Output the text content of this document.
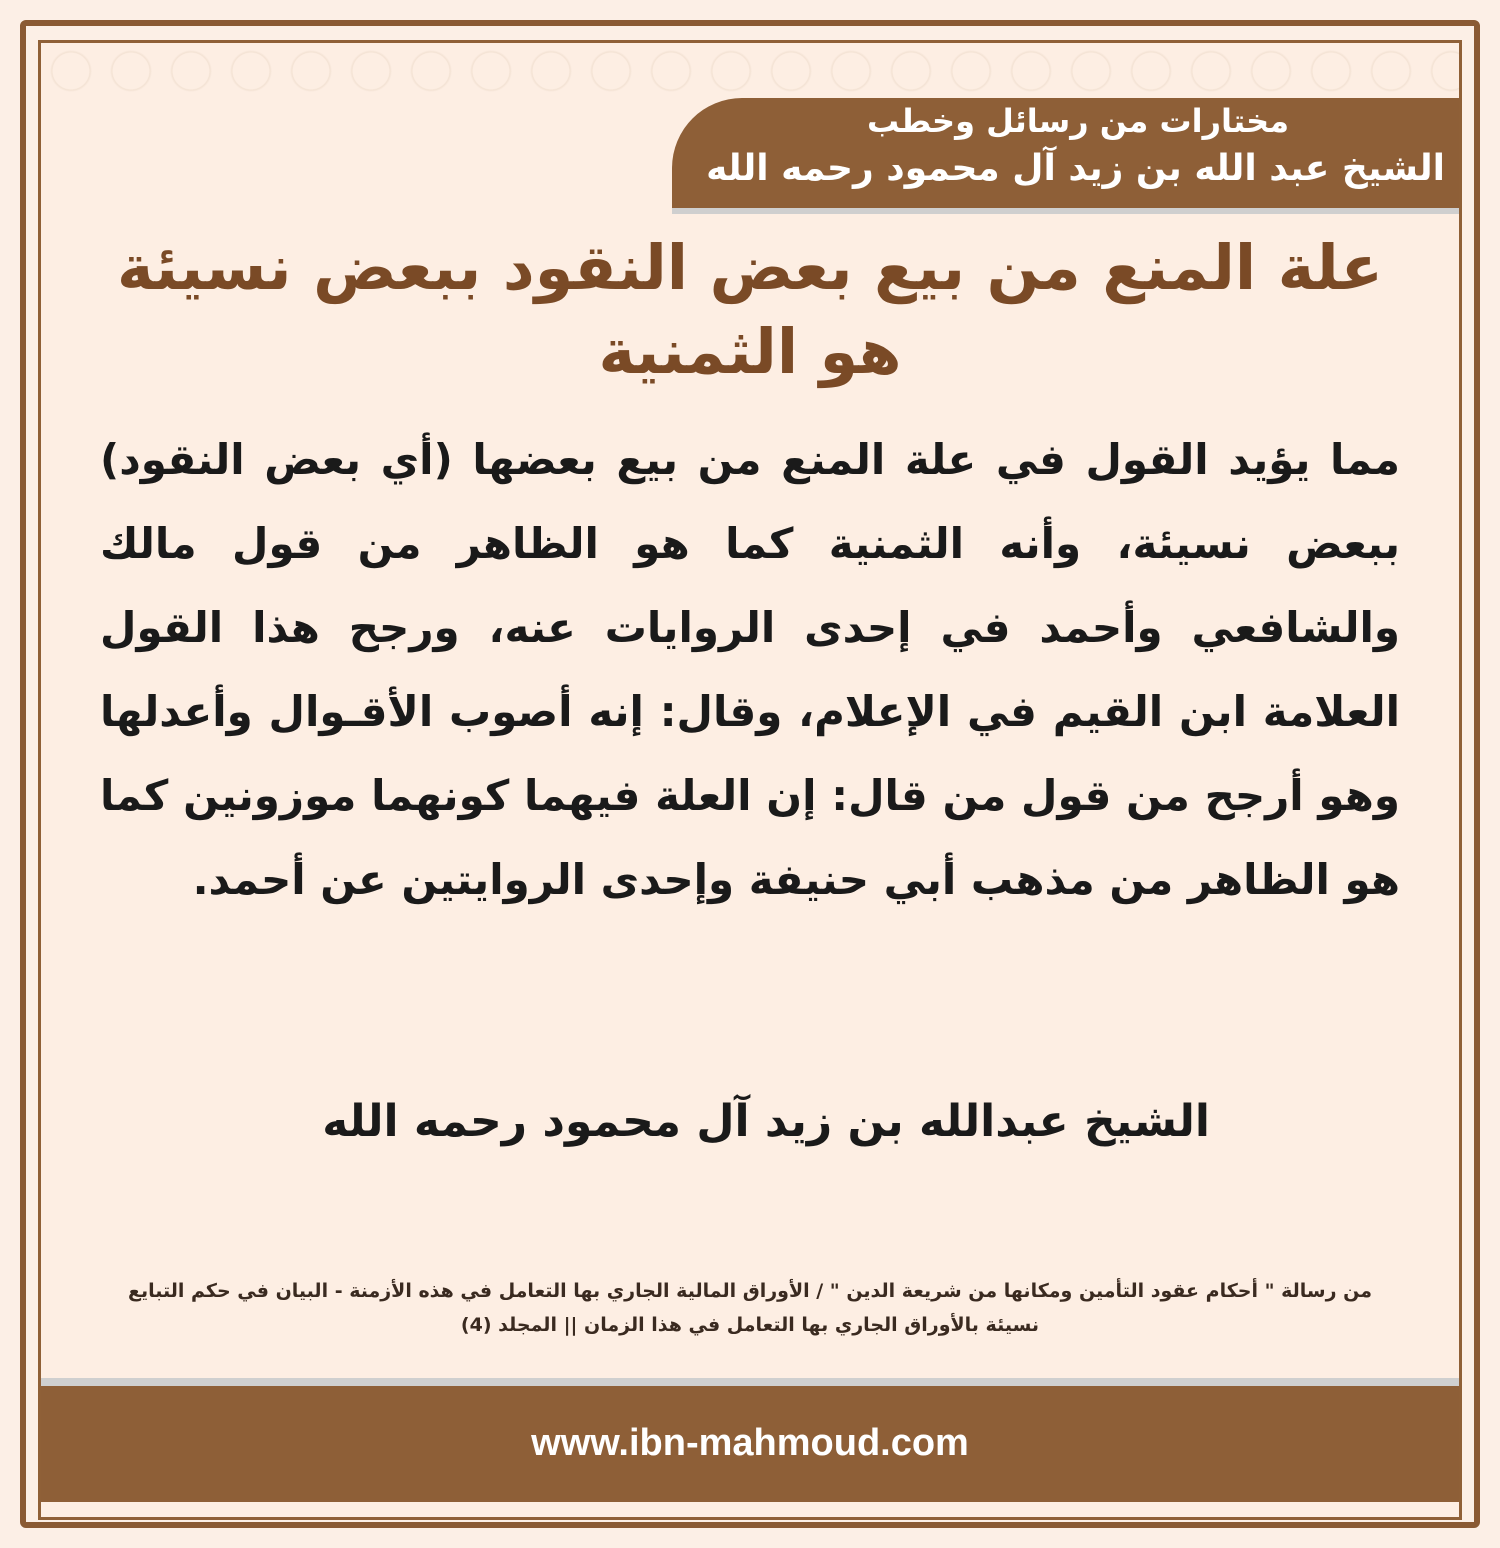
مختارات من رسائل وخطب
الشيخ عبد الله بن زيد آل محمود رحمه الله
علة المنع من بيع بعض النقود ببعض نسيئة هو الثمنية
مما يؤيد القول في علة المنع من بيع بعضها (أي بعض النقود) ببعض نسيئة، وأنه الثمنية كما هو الظاهر من قول مالك والشافعي وأحمد في إحدى الروايات عنه، ورجح هذا القول العلامة ابن القيم في الإعلام، وقال: إنه أصوب الأقـوال وأعدلها وهو أرجح من قول من قال: إن العلة فيهما كونهما موزونين كما هو الظاهر من مذهب أبي حنيفة وإحدى الروايتين عن أحمد.
الشيخ عبدالله بن زيد آل محمود رحمه الله
من رسالة " أحكام عقود التأمين ومكانها من شريعة الدين " / الأوراق المالية الجاري بها التعامل في هذه الأزمنة - البيان في حكم التبايع نسيئة بالأوراق الجاري بها التعامل في هذا الزمان || المجلد (4)
www.ibn-mahmoud.com
